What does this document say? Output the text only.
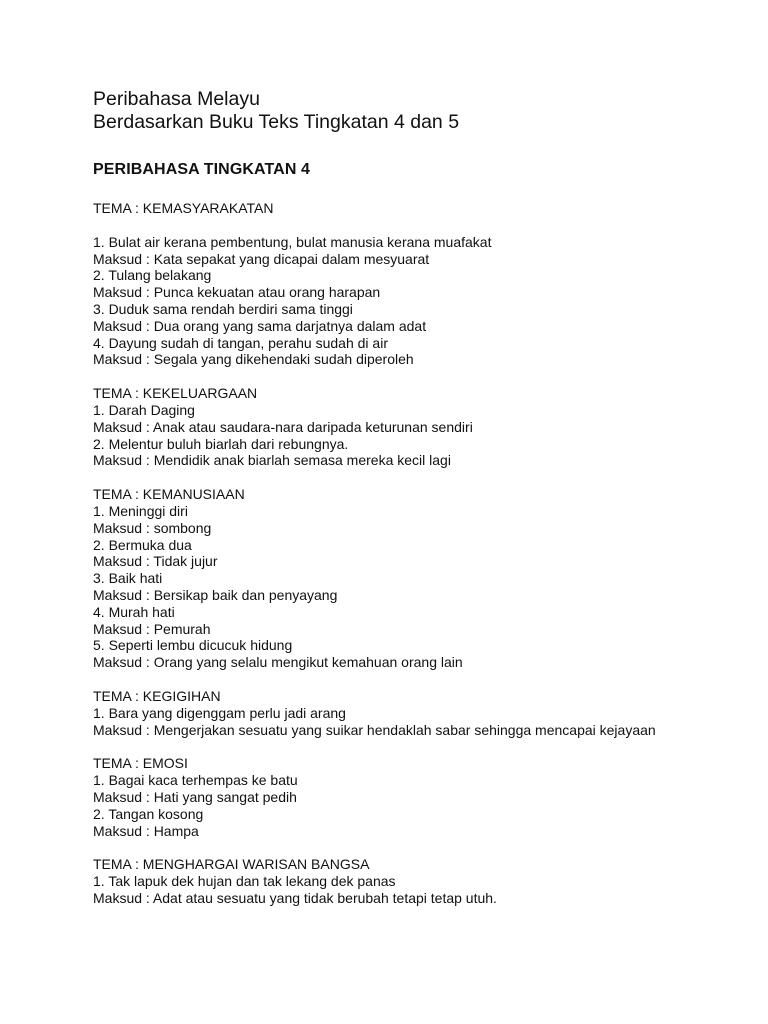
Peribahasa Melayu
Berdasarkan Buku Teks Tingkatan 4 dan 5
PERIBAHASA TINGKATAN 4

TEMA : KEMASYARAKATAN

1. Bulat air kerana pembentung, bulat manusia kerana muafakat

Maksud : Kata sepakat yang dicapai dalam mesyuarat

2. Tulang belakang

Maksud : Punca kekuatan atau orang harapan

3. Duduk sama rendah berdiri sama tinggi

Maksud : Dua orang yang sama darjatnya dalam adat

4. Dayung sudah di tangan, perahu sudah di air

Maksud : Segala yang dikehendaki sudah diperoleh

TEMA : KEKELUARGAAN

1. Darah Daging

Maksud : Anak atau saudara-nara daripada keturunan sendiri

2. Melentur buluh biarlah dari rebungnya.

Maksud : Mendidik anak biarlah semasa mereka kecil lagi

TEMA : KEMANUSIAAN

1. Meninggi diri

Maksud : sombong

2. Bermuka dua

Maksud : Tidak jujur

3. Baik hati

Maksud : Bersikap baik dan penyayang

4. Murah hati

Maksud : Pemurah

5. Seperti lembu dicucuk hidung

Maksud : Orang yang selalu mengikut kemahuan orang lain

TEMA : KEGIGIHAN

1. Bara yang digenggam perlu jadi arang

Maksud : Mengerjakan sesuatu yang suikar hendaklah sabar sehingga mencapai kejayaan

TEMA : EMOSI

1. Bagai kaca terhempas ke batu

Maksud : Hati yang sangat pedih

2. Tangan kosong

Maksud : Hampa

TEMA : MENGHARGAI WARISAN BANGSA

1. Tak lapuk dek hujan dan tak lekang dek panas

Maksud : Adat atau sesuatu yang tidak berubah tetapi tetap utuh.
